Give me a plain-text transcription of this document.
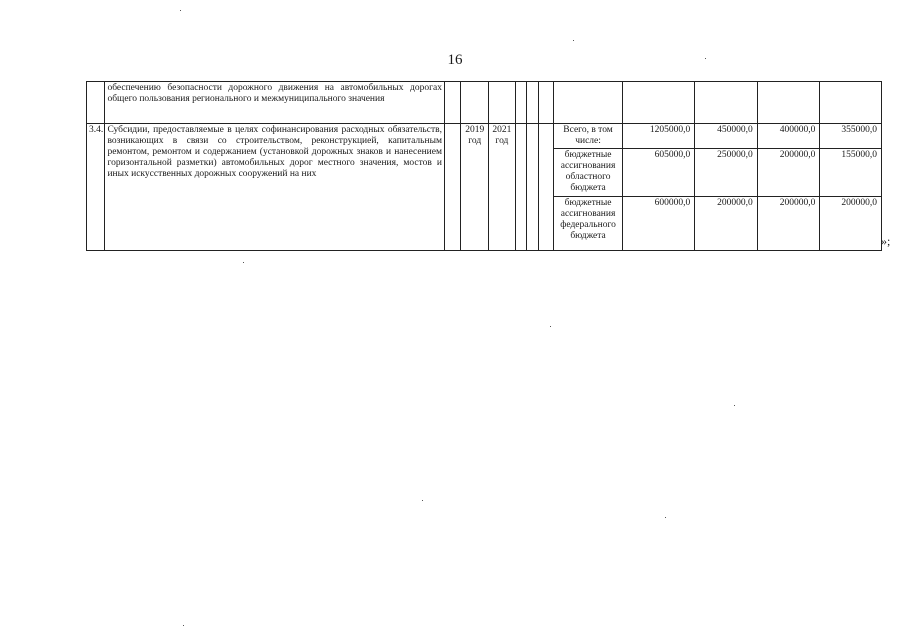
16
	обеспечению безопасности дорожного движения на автомобильных дорогах общего пользования регионального и межмуниципального значения											
3.4.	Субсидии, предоставляемые в целях софинансирования расходных обязательств, возникающих в связи со строительством, реконструкцией, капитальным ремонтом, ремонтом и содержанием (установкой дорожных знаков и нанесением горизонтальной разметки) автомобильных дорог местного значения, мостов и иных искусственных дорожных сооружений на них		2019 год	2021 год				Всего, в том числе:	1205000,0	450000,0	400000,0	355000,0
								бюджетные ассигнования областного бюджета	605000,0	250000,0	200000,0	155000,0
								бюджетные ассигнования федерального бюджета	600000,0	200000,0	200000,0	200000,0
»;
